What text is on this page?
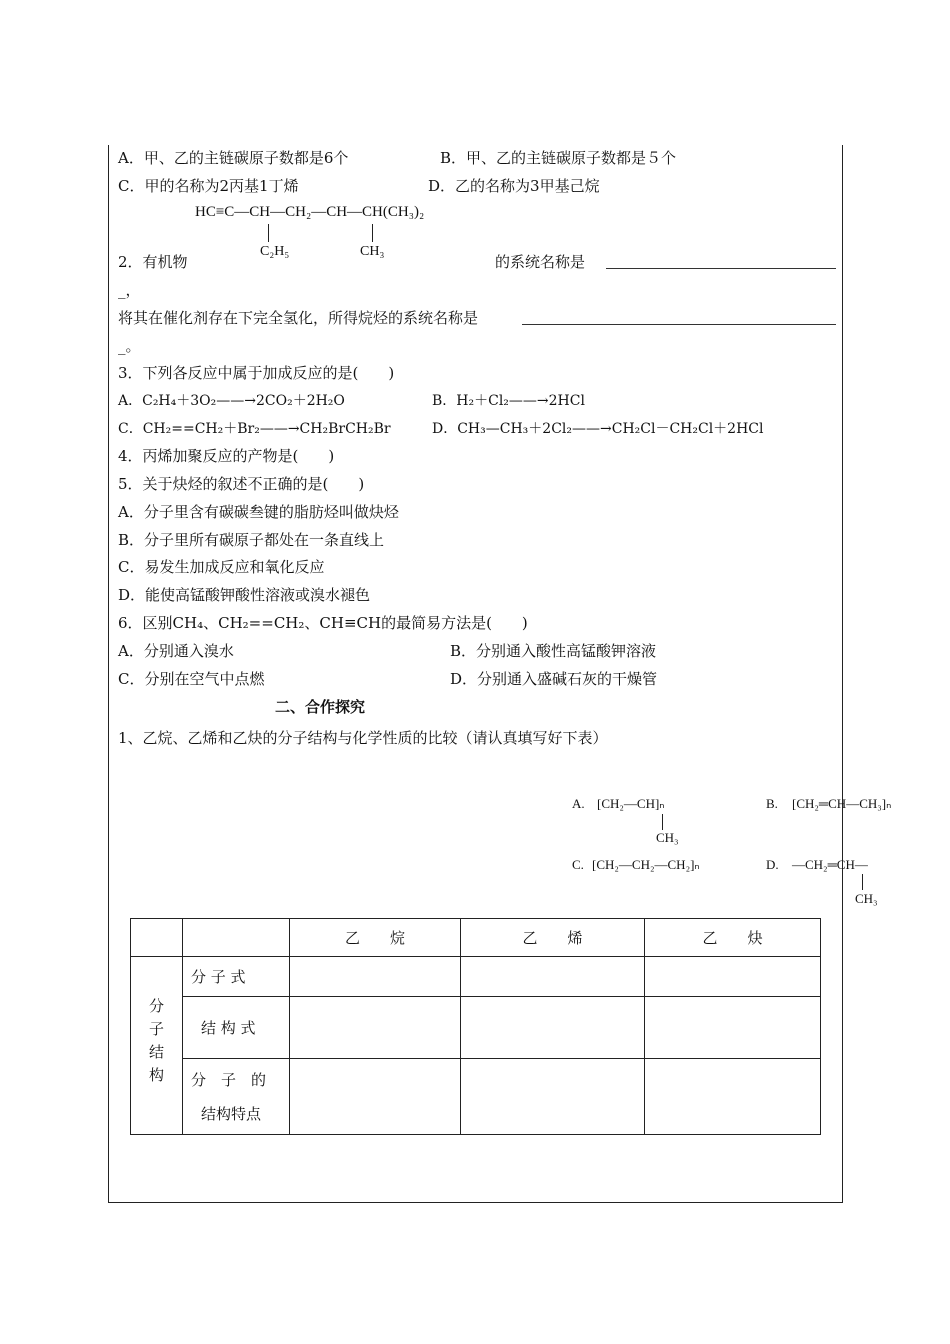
A．甲、乙的主链碳原子数都是6个	B．甲、乙的主链碳原子数都是５个
C．甲的名称为2丙基1丁烯	D．乙的名称为3甲基己烷
HC≡C—CH—CH₂—CH—CH(CH₃)₂
C₂H₅	CH₃
2．有机物	的系统名称是
_，
将其在催化剂存在下完全氢化，所得烷烃的系统名称是
_。
3．下列各反应中属于加成反应的是(　　)
A．C₂H₄＋3O₂——→2CO₂＋2H₂O	B．H₂＋Cl₂——→2HCl
C．CH₂==CH₂＋Br₂——→CH₂BrCH₂Br	D．CH₃—CH₃＋2Cl₂——→CH₂Cl－CH₂Cl＋2HCl
4．丙烯加聚反应的产物是(　　)
5．关于炔烃的叙述不正确的是(　　)
A．分子里含有碳碳叁键的脂肪烃叫做炔烃
B．分子里所有碳原子都处在一条直线上
C．易发生加成反应和氧化反应
D．能使高锰酸钾酸性溶液或溴水褪色
6．区别CH₄、CH₂==CH₂、CH≡CH的最简易方法是(　　)
A．分别通入溴水	B．分别通入酸性高锰酸钾溶液
C．分别在空气中点燃	D．分别通入盛碱石灰的干燥管
二、合作探究
1、乙烷、乙烯和乙炔的分子结构与化学性质的比较（请认真填写好下表）
A. [CH₂—CH]ₙ
CH₃
B. [CH₂═CH—CH₃]ₙ
C. [CH₂—CH₂—CH₂]ₙ	D. —CH₂═CH—
CH₃
		乙　　烷	乙　　烯	乙　　炔
分子结构	分 子 式			
	结 构 式			

	分　子　的
结构特点			
